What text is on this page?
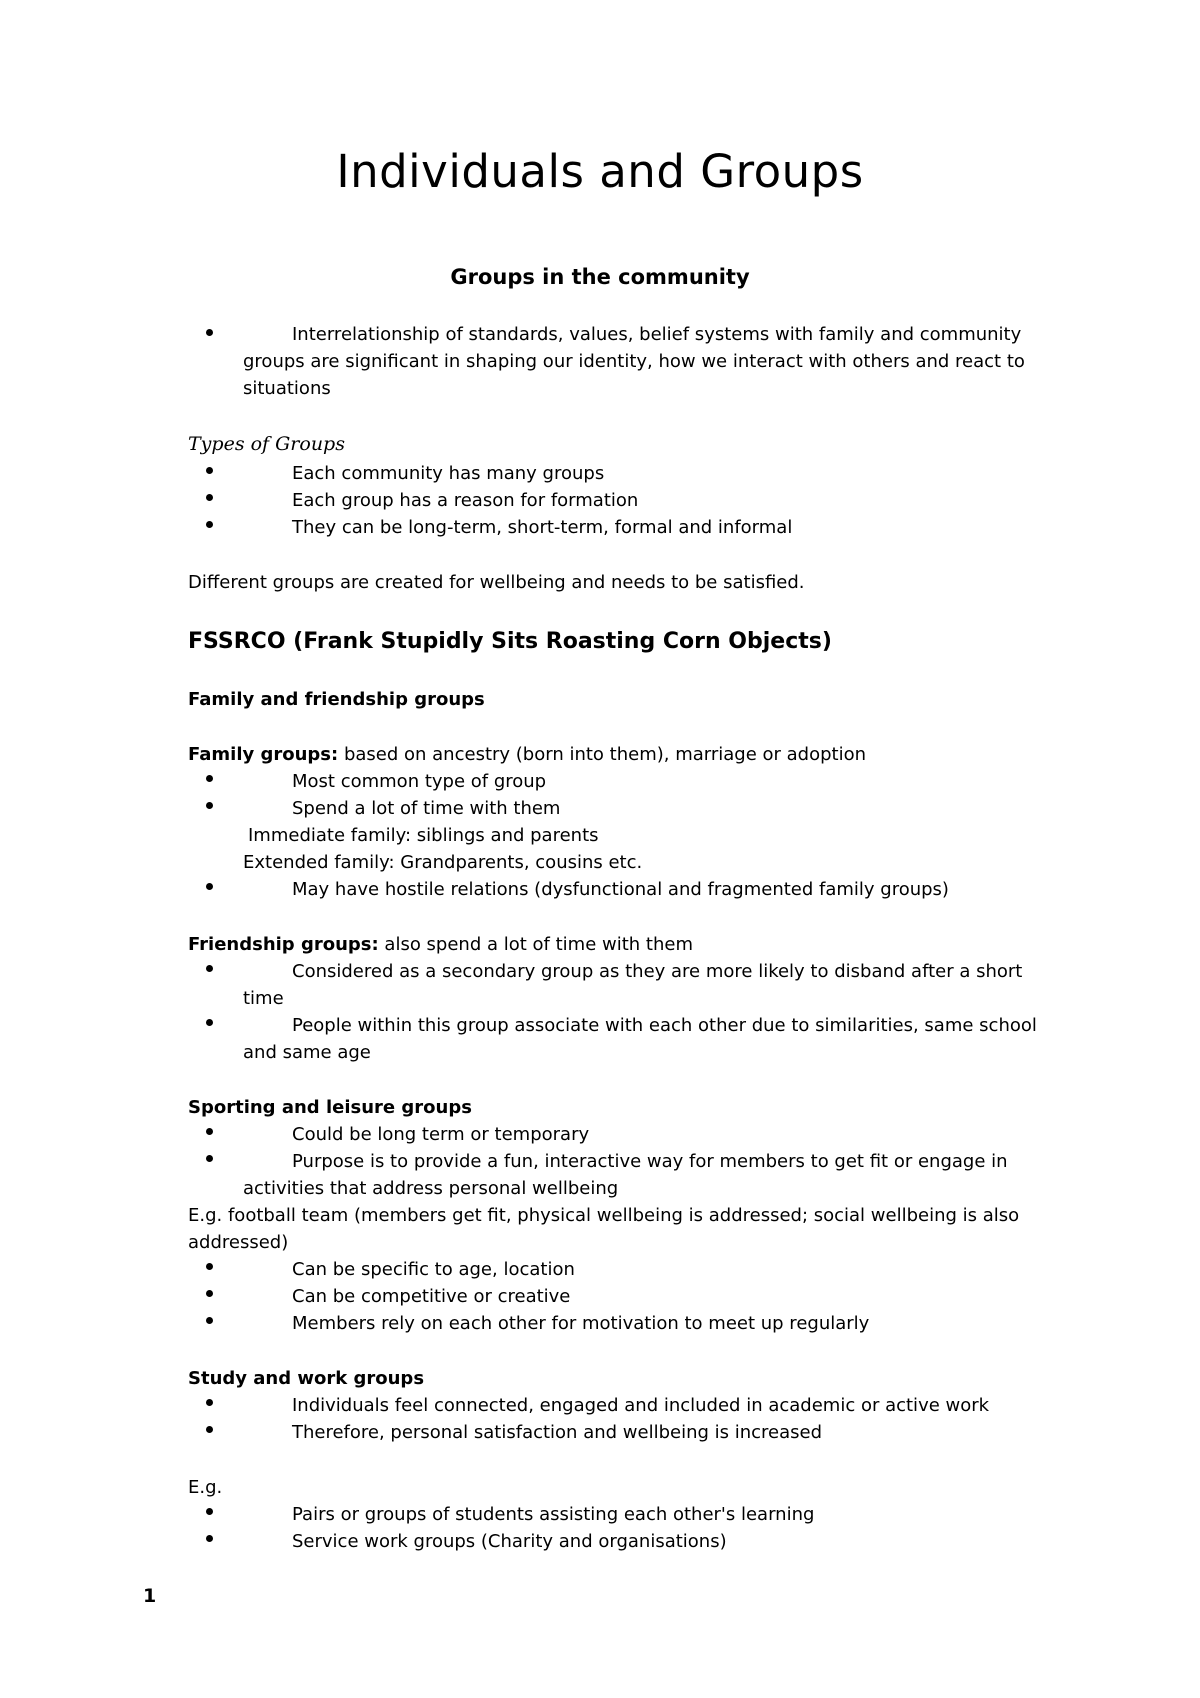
Individuals and Groups
Groups in the community
Interrelationship of standards, values, belief systems with family and community
groups are significant in shaping our identity, how we interact with others and react to
situations
Types of Groups
Each community has many groups
Each group has a reason for formation
They can be long-term, short-term, formal and informal
Different groups are created for wellbeing and needs to be satisfied.
FSSRCO (Frank Stupidly Sits Roasting Corn Objects)
Family and friendship groups
Family groups: based on ancestry (born into them), marriage or adoption
Most common type of group
Spend a lot of time with them
Immediate family: siblings and parents
Extended family: Grandparents, cousins etc.
May have hostile relations (dysfunctional and fragmented family groups)
Friendship groups: also spend a lot of time with them
Considered as a secondary group as they are more likely to disband after a short
time
People within this group associate with each other due to similarities, same school
and same age
Sporting and leisure groups
Could be long term or temporary
Purpose is to provide a fun, interactive way for members to get fit or engage in
activities that address personal wellbeing
E.g. football team (members get fit, physical wellbeing is addressed; social wellbeing is also
addressed)
Can be specific to age, location
Can be competitive or creative
Members rely on each other for motivation to meet up regularly
Study and work groups
Individuals feel connected, engaged and included in academic or active work
Therefore, personal satisfaction and wellbeing is increased
E.g.
Pairs or groups of students assisting each other's learning
Service work groups (Charity and organisations)
1
